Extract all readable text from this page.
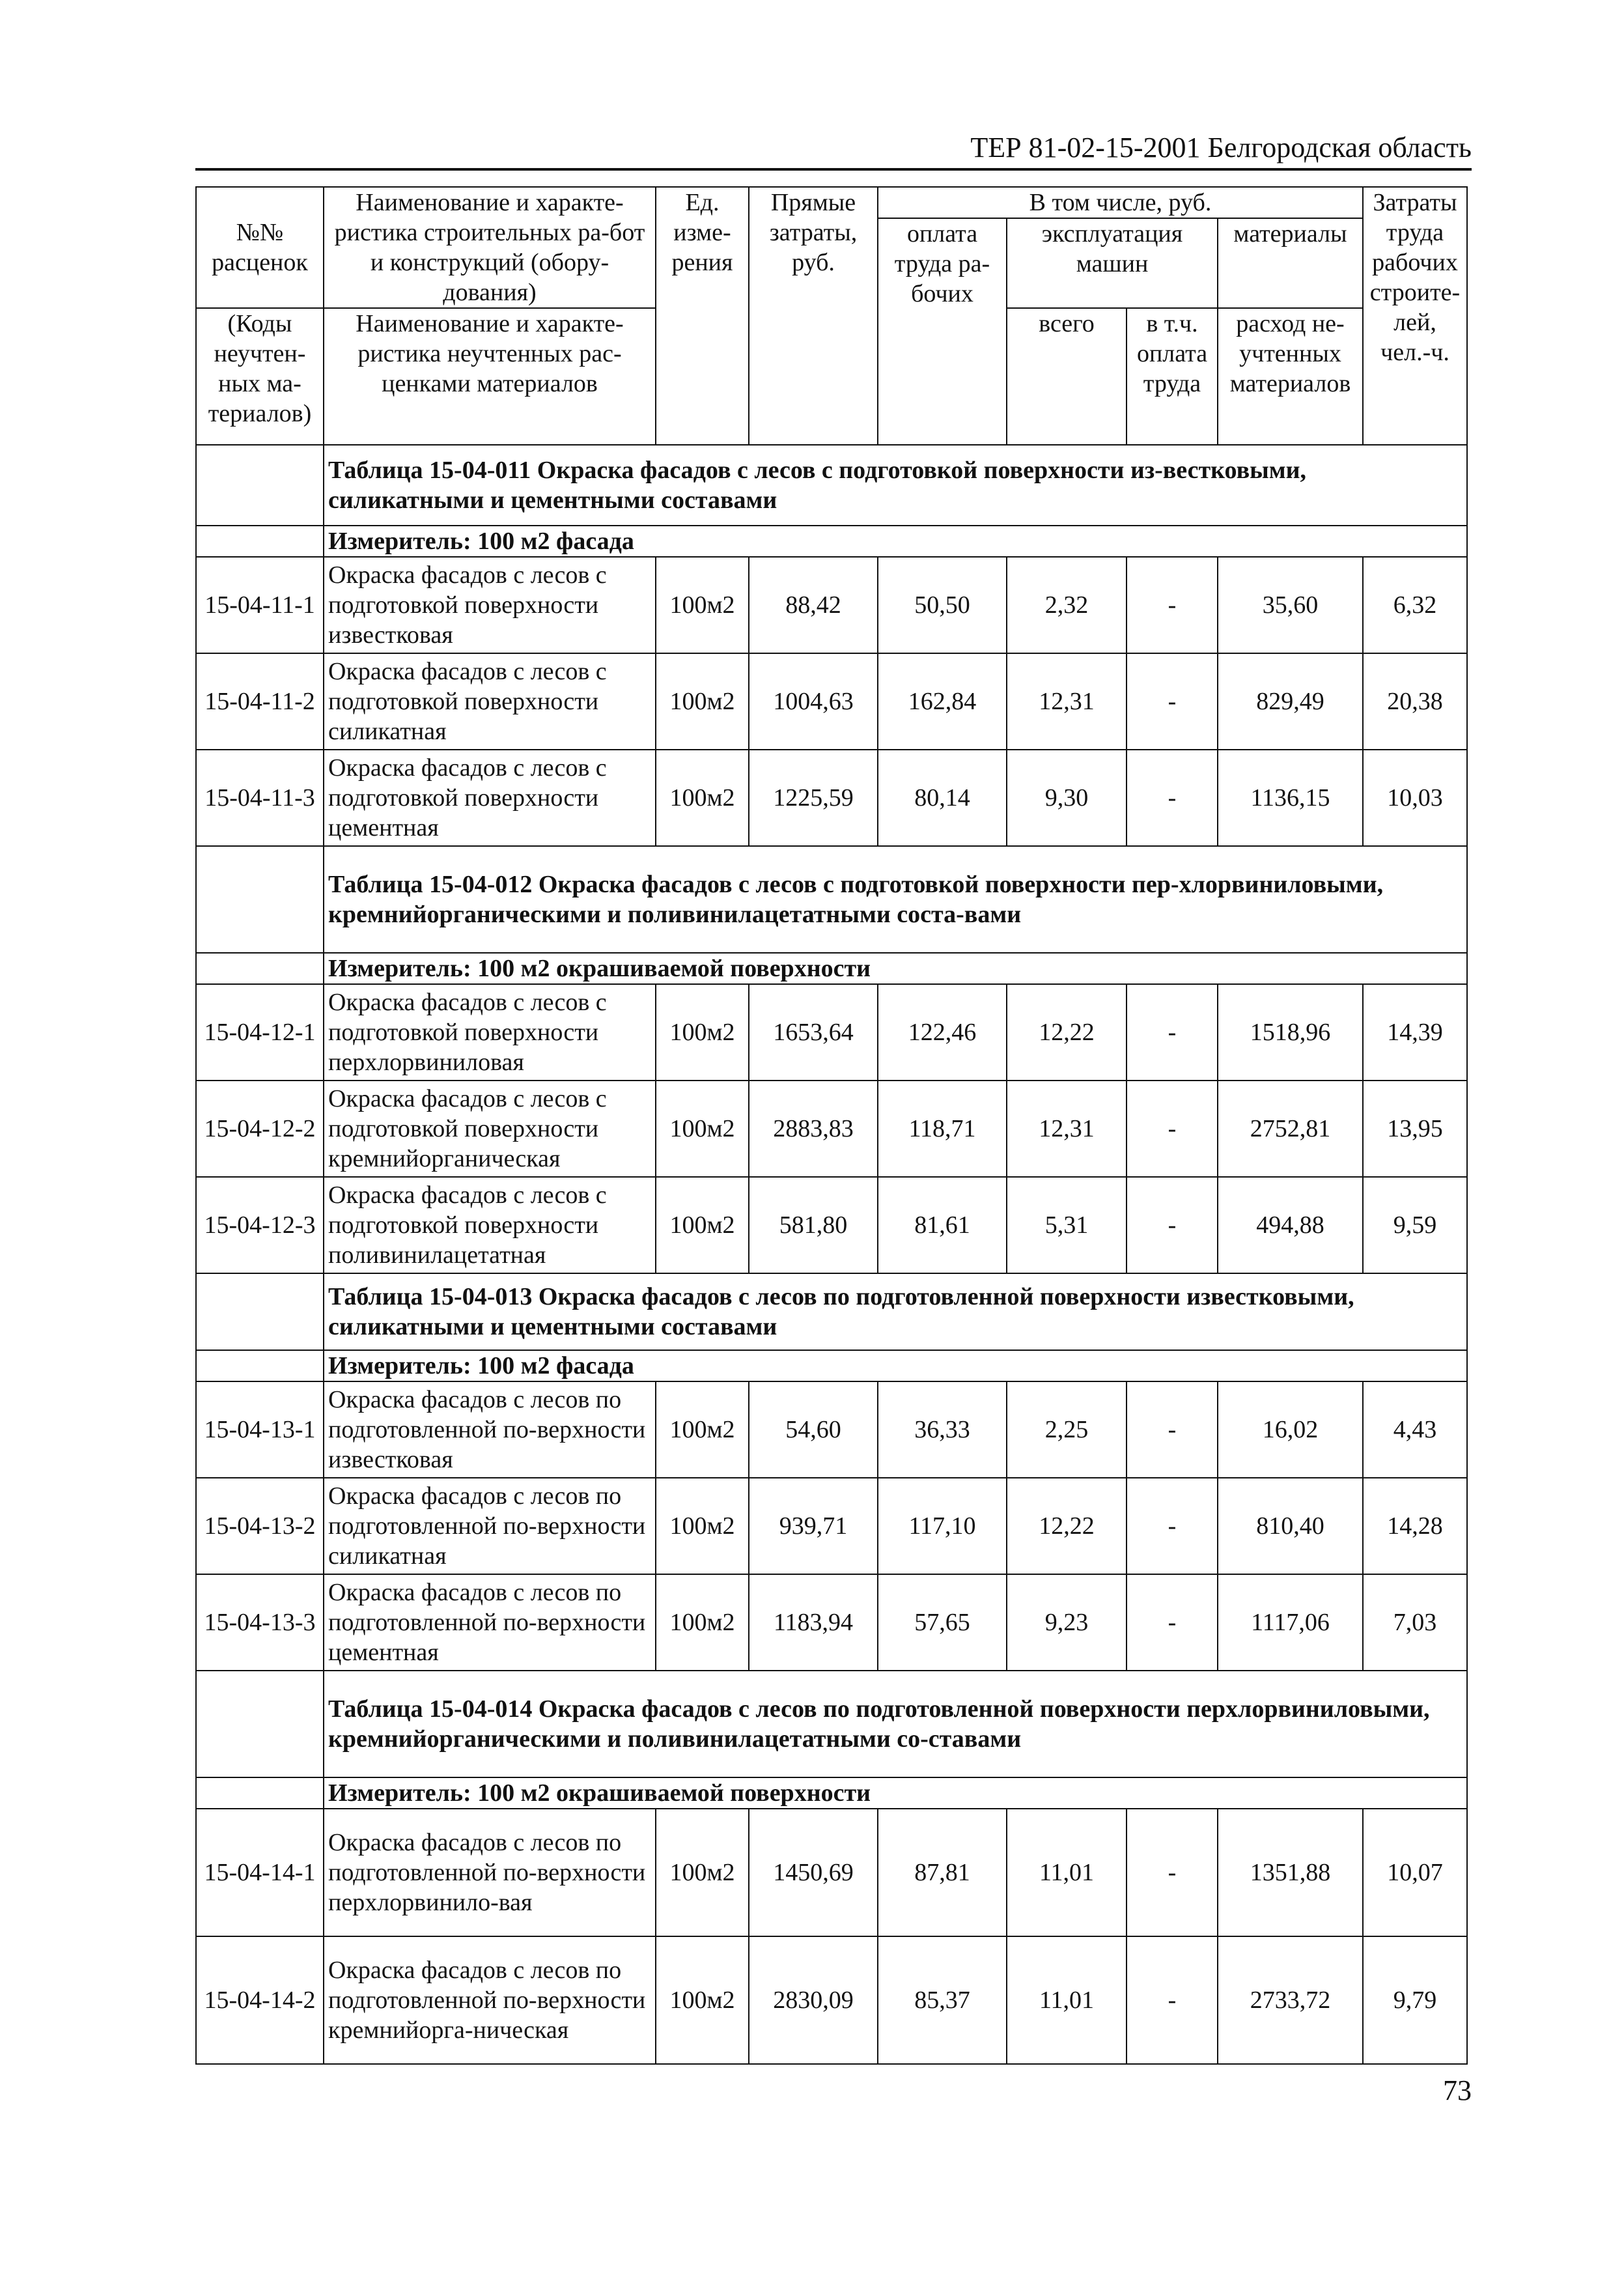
ТЕР 81-02-15-2001 Белгородская область
№№ расценок	Наименование и характе-ристика строительных ра-бот и конструкций (обору-дования)	Ед. изме-рения	Прямые затраты, руб.	В том числе, руб.				Затраты труда рабочих строите-лей, чел.-ч.
				оплата труда ра-бочих	эксплуатация машин		материалы	
(Коды неучтен-ных ма-териалов)	Наименование и характе-ристика неучтенных рас-ценками материалов				всего	в т.ч. оплата труда	расход не-учтенных материалов	
	Таблица 15-04-011 Окраска фасадов с лесов с подготовкой поверхности из-вестковыми, силикатными и цементными составами							
	Измеритель: 100 м2 фасада							
15-04-11-1	Окраска фасадов с лесов с подготовкой поверхности известковая	100м2	88,42	50,50	2,32	-	35,60	6,32
15-04-11-2	Окраска фасадов с лесов с подготовкой поверхности силикатная	100м2	1004,63	162,84	12,31	-	829,49	20,38
15-04-11-3	Окраска фасадов с лесов с подготовкой поверхности цементная	100м2	1225,59	80,14	9,30	-	1136,15	10,03
	Таблица 15-04-012 Окраска фасадов с лесов с подготовкой поверхности пер-хлорвиниловыми, кремнийорганическими и поливинилацетатными соста-вами							
	Измеритель: 100 м2 окрашиваемой поверхности							
15-04-12-1	Окраска фасадов с лесов с подготовкой поверхности перхлорвиниловая	100м2	1653,64	122,46	12,22	-	1518,96	14,39
15-04-12-2	Окраска фасадов с лесов с подготовкой поверхности кремнийорганическая	100м2	2883,83	118,71	12,31	-	2752,81	13,95
15-04-12-3	Окраска фасадов с лесов с подготовкой поверхности поливинилацетатная	100м2	581,80	81,61	5,31	-	494,88	9,59
	Таблица 15-04-013 Окраска фасадов с лесов по подготовленной поверхности известковыми, силикатными и цементными составами							
	Измеритель: 100 м2 фасада							
15-04-13-1	Окраска фасадов с лесов по подготовленной по-верхности известковая	100м2	54,60	36,33	2,25	-	16,02	4,43
15-04-13-2	Окраска фасадов с лесов по подготовленной по-верхности силикатная	100м2	939,71	117,10	12,22	-	810,40	14,28
15-04-13-3	Окраска фасадов с лесов по подготовленной по-верхности цементная	100м2	1183,94	57,65	9,23	-	1117,06	7,03
	Таблица 15-04-014 Окраска фасадов с лесов по подготовленной поверхности перхлорвиниловыми, кремнийорганическими и поливинилацетатными со-ставами							
	Измеритель: 100 м2 окрашиваемой поверхности							
15-04-14-1	Окраска фасадов с лесов по подготовленной по-верхности перхлорвинило-вая	100м2	1450,69	87,81	11,01	-	1351,88	10,07
15-04-14-2	Окраска фасадов с лесов по подготовленной по-верхности кремнийорга-ническая	100м2	2830,09	85,37	11,01	-	2733,72	9,79
73
